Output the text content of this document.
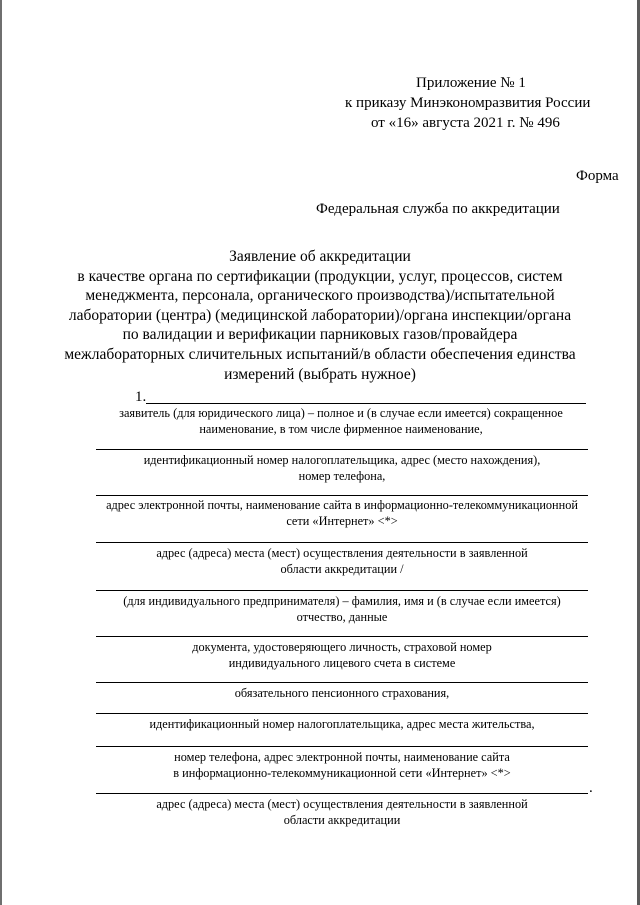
Приложение № 1
к приказу Минэкономразвития России
от «16» августа 2021 г. № 496
Форма
Федеральная служба по аккредитации
Заявление об аккредитации
в качестве органа по сертификации (продукции, услуг, процессов, систем
менеджмента, персонала, органического производства)/испытательной
лаборатории (центра) (медицинской лаборатории)/органа инспекции/органа
по валидации и верификации парниковых газов/провайдера
межлабораторных сличительных испытаний/в области обеспечения единства
измерений (выбрать нужное)
1.
заявитель (для юридического лица) – полное и (в случае если имеется) сокращенное
наименование, в том числе фирменное наименование,
идентификационный номер налогоплательщика, адрес (место нахождения),
номер телефона,
адрес электронной почты, наименование сайта в информационно-телекоммуникационной
сети «Интернет» <*>
адрес (адреса) места (мест) осуществления деятельности в заявленной
области аккредитации /
(для индивидуального предпринимателя) – фамилия, имя и (в случае если имеется)
отчество, данные
документа, удостоверяющего личность, страховой номер
индивидуального лицевого счета в системе
обязательного пенсионного страхования,
идентификационный номер налогоплательщика, адрес места жительства,
номер телефона, адрес электронной почты, наименование сайта
в информационно-телекоммуникационной сети «Интернет» <*>
.
адрес (адреса) места (мест) осуществления деятельности в заявленной
области аккредитации
